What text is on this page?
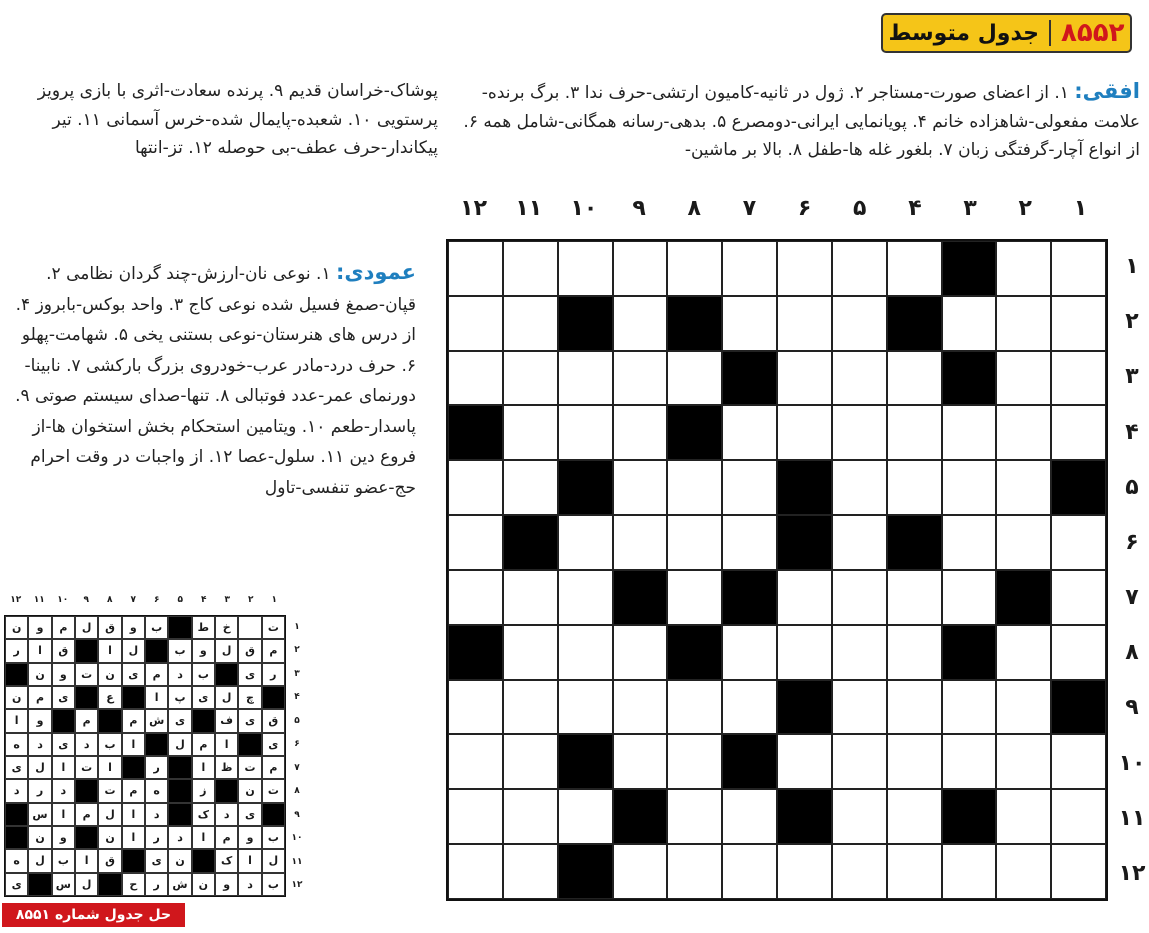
جدول متوسط ۸۵۵۲
افقی: ۱. از اعضای صورت-مستاجر ۲. ژول در ثانیه-کامیون ارتشی-حرف ندا ۳. برگ برنده-علامت مفعولی-شاهزاده خانم ۴. پویانمایی ایرانی-دومصرع ۵. بدهی-رسانه همگانی-شامل همه ۶. از انواع آچار-گرفتگی زبان ۷. بلغور غله ها-طفل ۸. بالا بر ماشین-
پوشاک-خراسان قدیم ۹. پرنده سعادت-اثری با بازی پرویز پرستویی ۱۰. شعبده-پایمال شده-خرس آسمانی ۱۱. تیر پیکاندار-حرف عطف-بی حوصله ۱۲. تز-انتها
عمودی: ۱. نوعی نان-ارزش-چند گردان نظامی ۲. قپان-صمغ فسیل شده نوعی کاج ۳. واحد بوکس-بابروز ۴. از درس های هنرستان-نوعی بستنی یخی ۵. شهامت-پهلو ۶. حرف درد-مادر عرب-خودروی بزرگ بارکشی ۷. نابینا-دورنمای عمر-عدد فوتبالی ۸. تنها-صدای سیستم صوتی ۹. پاسدار-طعم ۱۰. ویتامین استحکام بخش استخوان ها-از فروع دین ۱۱. سلول-عصا ۱۲. از واجبات در وقت احرام حج-عضو تنفسی-تاول
۱
۲
۳
۴
۵
۶
۷
۸
۹
۱۰
۱۱
۱۲
۱
۲
۳
۴
۵
۶
۷
۸
۹
۱۰
۱۱
۱۲
۱
۲
۳
۴
۵
۶
۷
۸
۹
۱۰
۱۱
۱۲
ت
خ
ط
ب
و
ق
ل
م
و
ن
م
ق
ل
و
ب
ل
ا
ق
ا
ر
ر
ی
ب
د
م
ی
ن
ت
و
ن
چ
ل
ی
پ
ا
ع
ی
م
ن
ق
ی
ف
ی
ش
م
م
و
ا
ی
ا
م
ل
ا
ب
د
ی
د
ه
م
ت
ظ
ا
ر
ا
ت
ا
ل
ی
ت
ن
ز
ه
م
ت
د
ر
د
ی
د
ک
د
ا
ل
م
ا
س
ب
و
م
ا
د
ر
ا
ن
و
ن
ل
ا
ک
ن
ی
ق
ا
ب
ل
ه
ب
د
و
ن
ش
ر
ح
ل
س
ی
۱
۲
۳
۴
۵
۶
۷
۸
۹
۱۰
۱۱
۱۲
حل جدول شماره ۸۵۵۱
